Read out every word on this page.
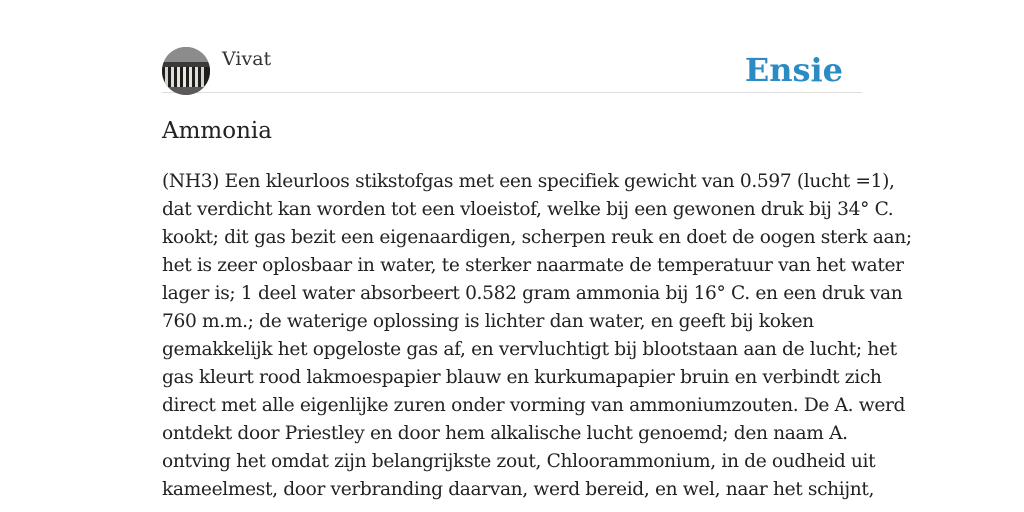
Vivat	Ensie
Ammonia
(NH3) Een kleurloos stikstofgas met een specifiek gewicht van 0.597 (lucht =1),
dat verdicht kan worden tot een vloeistof, welke bij een gewonen druk bij 34° C.
kookt; dit gas bezit een eigenaardigen, scherpen reuk en doet de oogen sterk aan;
het is zeer oplosbaar in water, te sterker naarmate de temperatuur van het water
lager is; 1 deel water absorbeert 0.582 gram ammonia bij 16° C. en een druk van
760 m.m.; de waterige oplossing is lichter dan water, en geeft bij koken
gemakkelijk het opgeloste gas af, en vervluchtigt bij blootstaan aan de lucht; het
gas kleurt rood lakmoespapier blauw en kurkumapapier bruin en verbindt zich
direct met alle eigenlijke zuren onder vorming van ammoniumzouten. De A. werd
ontdekt door Priestley en door hem alkalische lucht genoemd; den naam A.
ontving het omdat zijn belangrijkste zout, Chloorammonium, in de oudheid uit
kameelmest, door verbranding daarvan, werd bereid, en wel, naar het schijnt,
